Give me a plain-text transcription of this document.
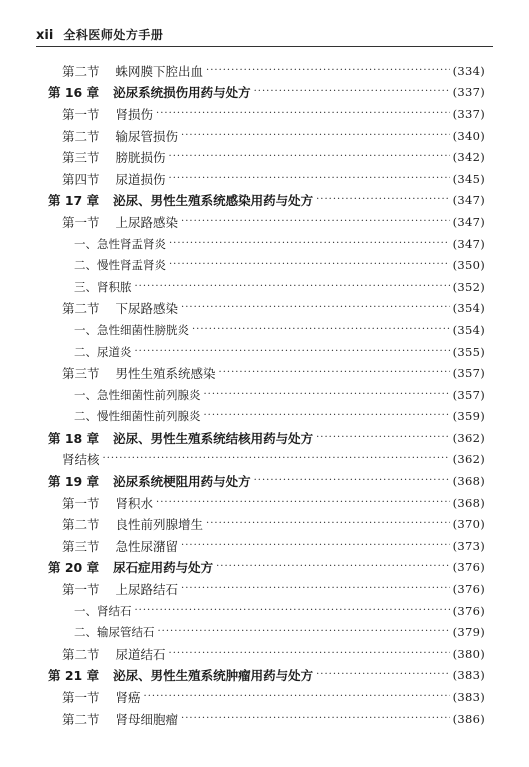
xii 全科医师处方手册
第二节 蛛网膜下腔出血 ·····	(334)
第 16 章 泌尿系统损伤用药与处方 ·····	(337)
第一节 肾损伤 ·····	(337)
第二节 输尿管损伤 ·····	(340)
第三节 膀胱损伤 ·····	(342)
第四节 尿道损伤 ·····	(345)
第 17 章 泌尿、男性生殖系统感染用药与处方 ·····	(347)
第一节 上尿路感染 ·····	(347)
一、急性肾盂肾炎 ·····	(347)
二、慢性肾盂肾炎 ·····	(350)
三、肾积脓 ·····	(352)
第二节 下尿路感染 ·····	(354)
一、急性细菌性膀胱炎 ·····	(354)
二、尿道炎 ·····	(355)
第三节 男性生殖系统感染 ·····	(357)
一、急性细菌性前列腺炎 ·····	(357)
二、慢性细菌性前列腺炎 ·····	(359)
第 18 章 泌尿、男性生殖系统结核用药与处方 ·····	(362)
肾结核 ·····	(362)
第 19 章 泌尿系统梗阻用药与处方 ·····	(368)
第一节 肾积水 ·····	(368)
第二节 良性前列腺增生 ·····	(370)
第三节 急性尿潴留 ·····	(373)
第 20 章 尿石症用药与处方 ·····	(376)
第一节 上尿路结石 ·····	(376)
一、肾结石 ·····	(376)
二、输尿管结石 ·····	(379)
第二节 尿道结石 ·····	(380)
第 21 章 泌尿、男性生殖系统肿瘤用药与处方 ·····	(383)
第一节 肾癌 ·····	(383)
第二节 肾母细胞瘤 ·····	(386)
